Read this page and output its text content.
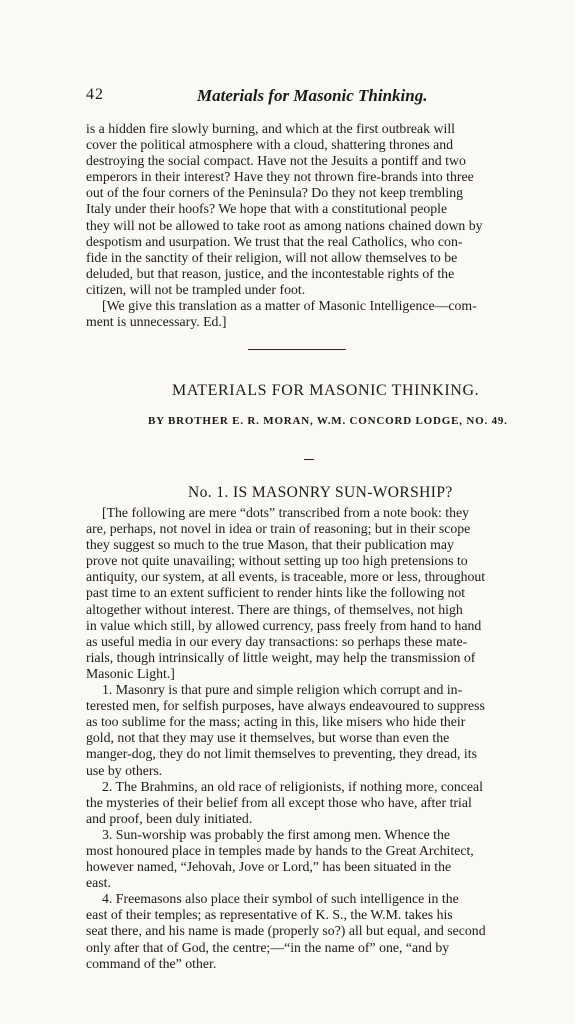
42	Materials for Masonic Thinking.

is a hidden fire slowly burning, and which at the first outbreak will

cover the political atmosphere with a cloud, shattering thrones and

destroying the social compact. Have not the Jesuits a pontiff and two

emperors in their interest? Have they not thrown fire-brands into three

out of the four corners of the Peninsula? Do they not keep trembling

Italy under their hoofs? We hope that with a constitutional people

they will not be allowed to take root as among nations chained down by

despotism and usurpation. We trust that the real Catholics, who con-

fide in the sanctity of their religion, will not allow themselves to be

deluded, but that reason, justice, and the incontestable rights of the

citizen, will not be trampled under foot.

[We give this translation as a matter of Masonic Intelligence—com-

ment is unnecessary. Ed.]

MATERIALS FOR MASONIC THINKING.
BY BROTHER E. R. MORAN, W.M. CONCORD LODGE, NO. 49.
No. 1. IS MASONRY SUN-WORSHIP?

[The following are mere “dots” transcribed from a note book: they

are, perhaps, not novel in idea or train of reasoning; but in their scope

they suggest so much to the true Mason, that their publication may

prove not quite unavailing; without setting up too high pretensions to

antiquity, our system, at all events, is traceable, more or less, throughout

past time to an extent sufficient to render hints like the following not

altogether without interest. There are things, of themselves, not high

in value which still, by allowed currency, pass freely from hand to hand

as useful media in our every day transactions: so perhaps these mate-

rials, though intrinsically of little weight, may help the transmission of

Masonic Light.]

1. Masonry is that pure and simple religion which corrupt and in-

terested men, for selfish purposes, have always endeavoured to suppress

as too sublime for the mass; acting in this, like misers who hide their

gold, not that they may use it themselves, but worse than even the

manger-dog, they do not limit themselves to preventing, they dread, its

use by others.

2. The Brahmins, an old race of religionists, if nothing more, conceal

the mysteries of their belief from all except those who have, after trial

and proof, been duly initiated.

3. Sun-worship was probably the first among men. Whence the

most honoured place in temples made by hands to the Great Architect,

however named, “Jehovah, Jove or Lord,” has been situated in the

east.

4. Freemasons also place their symbol of such intelligence in the

east of their temples; as representative of K. S., the W.M. takes his

seat there, and his name is made (properly so?) all but equal, and second

only after that of God, the centre;—“in the name of” one, “and by

command of the” other.
